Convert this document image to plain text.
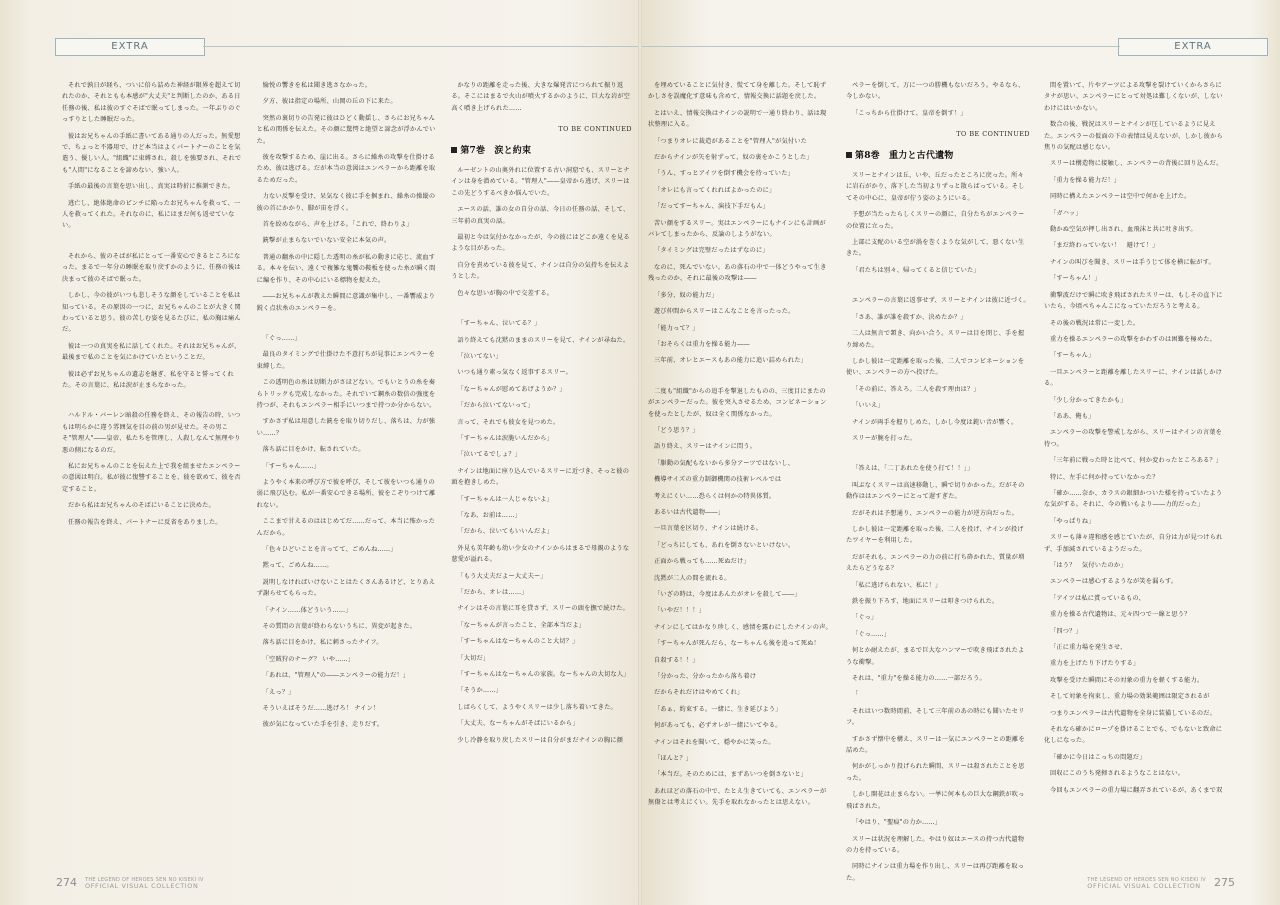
EXTRA

それで孰日が経ち、ついに倍ら詰めた神経が限界を超えて切れたのか、それともも本感が"大丈夫"と判断したのか、ある日任務の後、私は彼のすぐそばで眠ってしまった。一年ぶりのぐっすりとした睡眠だった。

彼はお兄ちゃんの手紙に書いてある通りの人だった。無愛想で、ちょっと不器用で、けど本当はよくパートナーのことを気遣う、優しい人。"組織"に束縛され、殺しを強要され、それでも"人間"になることを諦めない、強い人。

手紙の最後の言葉を思い出し、真実は時折に推測できた。

逃亡し、絶体絶命のピンチに陥ったお兄ちゃんを救って、一人を救ってくれた。それなのに、私にはまだ何も返せていない。

それから、彼のそばが私にとって一番安心できるところになった。まるで一年分の睡眠を取り戻すかのように、任務の後は決まって彼のそばで眠った。

しかし、今の彼がいつも悲しそうな顔をしていることを私は知っている。その原因の一つに、お兄ちゃんのことが大きく関わっていると思う。彼の苦しむ姿を見るたびに、私の胸は痛んだ。

彼は一つの真実を私に話してくれた。それはお兄ちゃんが、最後まで私のことを気にかけていたということだ。

彼は必ずお兄ちゃんの遺志を継ぎ、私を守ると誓ってくれた。その言葉に、私は涙が止まらなかった。

ハルドル・バーレン暗殺の任務を終え、その報告の時、いつもは明らかに違う雰囲気を目の前の男が見せた。その男こそ"管理人"――皇帝、私たちを管理し、人殺しなんて無理やり悪の側になるのだ。

私にお兄ちゃんのことを伝えた上で我を組ませたエンペラーの意図は明白。私が彼に復讐することを、彼を欲めて、彼を否定すること。

だから私はお兄ちゃんのそばにいることに決めた。

任務の報告を終え、パートナーに反省をありました。

愉悦の響きを私は聞き逃さなかった。

夕方、彼は指定の場所、山岡の丘の下に来た。

突然の裏切りの告発に彼はひどく動揺し、さらにお兄ちゃんと私の関係を伝えた。その顔に驚愕と絶望と諦念が浮かんでいた。

彼を攻撃するため、崖に出る。さらに繰糸の攻撃を仕掛けるため、彼は逃げる。だが本当の意図はエンペラーから距離を取るためだった。

力ない反撃を受け、呆気なく彼に手を掴まれ、繰糸の操縦の彼の首にかかり、脚が宙を浮く。

首を絞めながら、声を上げる。「これで、終わりよ」

銃撃が止まらないでいない安全に本気の声。

普通の翻糸の中に隠した透明の糸が私の動きに応じ、流血する。本々を伝い、遠くで複雑な鬼饗の鞍板を使った糸が瞬く間に編を作り、その中心にいる標物を捉えた。

――お兄ちゃんが教えた瞬間に意識が集中し、一番響威より鋭く点状糸のエンペラーを。

「ぐっ……」

最良のタイミングで仕掛けた不意打ちが見事にエンペラーを束縛した。

この透明色の糸は切断力がさほどない。でもいとうの糸を奏らトリックも完成しなかった。それでいて鋼糸の数倍の強度を持つが、それもエンペラー相手にいつまで持つか分からない。

すかさず私は用意した銃をを取り切りだし、落ちは、力が強い……？

落ち話に目をかけ、転されていた。

「すーちゃん……」

ようやく本来の呼び方で彼を呼び、そして彼をいつも通りの弱に飛び込む。私が一番安心できる場所、彼をこぞりつけて離れない。

ここまで甘えるのははじめてだ……だって、本当に怖かったんだから。

「色々ひどいことを言ってて、ごめんね……」

黙って、ごめんね……。

説明しなければいけないことはたくさんあるけど、とりあえず謝らせてもらった。

「ナイン……体どういう……」

その質問の言葉が終わらないうちに、異変が起きた。

落ち話に目をかけ、私に刺さったナイフ。

「空賊狩のナーグ？ いや……」

「あれは、"管理人"の――エンペラーの能力だ！」

「えっ？」

そういえばそうだ……逃げろ！ ナイン！

彼が気になっていた手を引き、走りだす。

かなりの距離を走った後、大きな爆発音につられて振り返る。そこにはまるで火山が噴火するかのように、巨大な岩が空高く噴き上げられた……

TO BE CONTINUED
第7巻　涙と約束

ルーゼントの山奥外れに位置する古い洞窟でも、スリーとナインは身を潜めている。"管理人"――皇帝から逃げ、スリーはこの先どうするべきか悩んでいた。

エースの話、誰の女の自分の話、今日の任務の話、そして、三年前の真実の話。

最初と今は気付かなかったが、今の彼にはどこか遠くを見るような目があった。

自分を責めている彼を見て、ナインは自分の気持ちを伝えようとした。

色々な思いが胸の中で交差する。

「すーちゃん、泣いてる？」

語り終えても沈黙のままのスリーを見て、ナインが尋ねた。

「泣いてない」

いつも通り素っ気なく返事するスリー。

「なーちゃんが慰めてあげようか？」

「だから泣いてないって」

言って、それでも彼女を見つめた。

「すーちゃんは涙脆いんだから」

「泣いてるでしょ？」

ナインは地面に座り込んでいるスリーに近づき、そっと彼の頭を抱きしめた。

「すーちゃんは一人じゃないよ」

「なあ、お前は……」

「だから、泣いてもいいんだよ」

外見も美年齢も幼い少女のナインからはまるで母親のような慈愛が溢れる。

「もう大丈夫だよー大丈夫ー」

「だから、オレは……」

ナインはその言葉に耳を貸さず、スリーの頭を撫で続けた。

「なーちゃんが言ったこと、全部本当だよ」

「すーちゃんはなーちゃんのこと大切？」

「大切だ」

「すーちゃんはなーちゃんの家族。なーちゃんの大切な人」

「そうか……」

しばらくして、ようやくスリーは少し落ち着いてきた。

「大丈夫、なーちゃんがそばにいるから」

少し冷静を取り戻したスリーは自分がまだナインの胸に顔

274 THE LEGEND OF HEROES SEN NO KISEKI IV
OFFICIAL VISUAL COLLECTION
EXTRA

を埋めていることに気付き、慌てて身を離した。そして恥ずかしさを誤魔化す意味も含めて、情報交換に話題を戻した。

とはいえ、情報交換はナインの説明で一通り終わり、話は現状整理に入る。

「つまりオレに裁造があることを"管理人"が気付いた

だからナインが矢を射ずって、奴の裏をかこうとした」

「うん、すっとアイツを倒す機会を待っていた」

「オレにも言ってくれればよかったのに」

「だってすーちゃん、演技下手だもん」

苦い顔をするスリー。実はエンペラーにもナインにも計画がバレてしまったから、反論のしようがない。

「タイミングは完璧だったはずなのに」

なのに、死んでいない。あの落石の中で一体どうやって生き残ったのか、それに最後の攻撃は――

「多分、奴の能力だ」

遊び仲間からスリーはこんなことを言ったった。

「能力って？」

「おそらくは重力を操る能力――

三年前、オレとエースもあの能力に追い詰められた」

二度も"組織"からの追手を撃退したものの、三度目にまたのがエンペラーだった。彼を突入させるため、コンビネーションを使ったとしたが、奴は全く関係なかった。

「どう思う？」

語り終え、スリーはナインに問う。

「駆動の気配もないから多分アーツではないし、

機導サイズの重力制御機関の技術レベルでは

考えにくい……恐らくは何かの特異体質。

あるいは古代遺物――」

一旦言葉を区切り、ナインは続ける。

「どっちにしても、あれを倒さないといけない。

正面から戦っても……死ぬだけ」

沈黙が二人の間を流れる。

「いざの時は、今度はあんたがオレを殺して――」

「いやだ！！！」

ナインにしてはかなり珍しく、感情を露わにしたナインの声。

「すーちゃんが死んだら、なーちゃんも後を追って死ぬ！

自殺する！！」

「分かった、分かったから落ち着け

だからそれだけはやめてくれ」

「あぁ、約束する。一緒に、生き延びよう」

何があっても、必ずオレが一緒にいてやる。

ナインはそれを聞いて、穏やかに笑った。

「ほんと？」

「本当だ。そのためには、まずあいつを倒さないと」

あれほどの落石の中で、たとえ生きていても、エンペラーが無傷とは考えにくい。先手を取れなかったとは思えない。

ペラーを倒して、万に一つの勝機もないだろう。やるなら、今しかない。

「こっちから仕掛けて、皇帝を倒す！」

TO BE CONTINUED
第8巻　重力と古代遺物

スリーとナインは丘、いや、丘だったところに戻った。所々に岩石がかり、落下した当初よりずっと散らばっている。そしてその中心に、皇帝が佇う姿のようにいる。

予想が当たったらしくスリーの顔に、自分たちがエンペラーの位置に立った。

上部に支配のいる空が渦を巻くような気がして、悪くない生きた。

「君たちは別々、帰ってくると信じていた」

エンペラーの言葉に返事せず、スリーとナインは彼に近づく。

「さあ、誰が誰を殺すか、決めたか？」

二人は無言で頷き、向かい合う。スリーは目を閉じ、手を握り締めた。

しかし彼は一定距離を取った後、二人でコンビネーションを使い、エンペラーの方へ投げた。

「その前に、答えろ。二人を殺す理由は？」

「いいえ」

ナインが両手を握りしめた、しかし今度は鈍い音が響く。

スリーが腕を打った。

「答えは、「二丁あれたを使う打て！！」」

叫ぶなくスリーは高速移動し、瞬で切りかかった。だがその動作ははエンペラーにとって遅すぎた。

だがそれは予想通り、エンペラーの能力が逆方向だった。

しかし彼は一定距離を取った後、二人を投げ、ナインが投げたワイヤーを利用した。

だがそれも、エンペラーの力の前に打ち砕かれた、質量が増えたらどうなる？

「私に逃げられない、私に！」

鉄を振り下ろす、地面にスリーは叩きつけられた。

「ぐっ」

「ぐっ……」

何とか耐えたが、まるで巨大なハンマーで吹き飛ばされたような衝撃。

それは、"重力"を操る能力の……一部だろう。

「

それはいつ数時間前、そして三年前のあの時にも聞いたセリフ。

すかさず懐中を構え、スリーは一気にエンペラーとの距離を詰めた。

何かがしっかり投げられた瞬間、スリーは殺されたことを思った。

しかし開花は止まらない。一挙に何本もの巨大な鋼鉄が吹っ飛ばされた。

「やはり、"聖痕"の力か……」

スリーは状況を理解した。やはり奴はエースの持つ古代遺物の力を持っている。

同時にナインは重力場を作り出し、スリーは再び距離を取った。

間を置いて、片やアーツによる攻撃を裂けていくからさらにタナが思い、エンペラーにとって対処は難しくないが、しないわけにはいかない。

数合の後、戦況はスリーとナインが圧しているように見えた。エンペラーの仮面の下の表情は見えないが、しかし彼から焦りの気配は感じない。

スリーは構造物に接触し、エンペラーの背後に回り込んだ。

「重力を操る能力だ！」

同時に構えたエンペラーは空中で何かを上げた。

「ガハッ」

動かぬ空気が押し出され、血飛沫と共に吐き出す。

「まだ終わっていない！　避けて！」

ナインの叫びを聞き、スリーは手うじて体を横に転がす。

「すーちゃん！」

衝撃波だけで瞬に吹き飛ばされたスリーは、もしその直下にいたら、今頃ぺちゃんこになっていただろうと考える。

その後の戦況は常に一変した。

重力を操るエンペラーの攻撃をかわすのは困難を極めた。

「すーちゃん」

一旦エンペラーと距離を離したスリーに、ナインは話しかける。

「少し分かってきたかも」

「ああ、俺も」

エンペラーの攻撃を警戒しながら、スリーはナインの言葉を待つ。

「三年前に戦った時と比べて、何か変わったところある？」

特に、左手に何か持っていなかった？

「確か……奈か、カラスの銀細かついた様を持っていたような気がする。それに、今の戦いもより――力的だった」

「やっぱりね」

スリーも薄々違和感を感じていたが、自分は力が見つけられず、手加減されているようだった。

「はう？　気付いたのか」

エンペラーは感心するようなが笑を漏らす。

「アイツは私に賞っているもの、

重力を操る古代遺物は、元々四つで一線と思う？

「四つ？」

「正に重力場を発生させ、

重力を上げたり下げたりする」

攻撃を受けた瞬間にその対象の重力を軽くする能力。

そして対象を拘束し、重力場の効果範囲は限定されるが

つまりエンペラーは古代遺物を全身に装備しているのだ。

それなら確かにロープを掛けることでも、でもないと致命に化しになった。

「確かに今日はこっちの問題だ」

回収にこのうち発揮されるようなことはない。

今回もエンペラーの重力場に翻弄されているが、あくまで双

THE LEGEND OF HEROES SEN NO KISEKI IV
OFFICIAL VISUAL COLLECTION	275
